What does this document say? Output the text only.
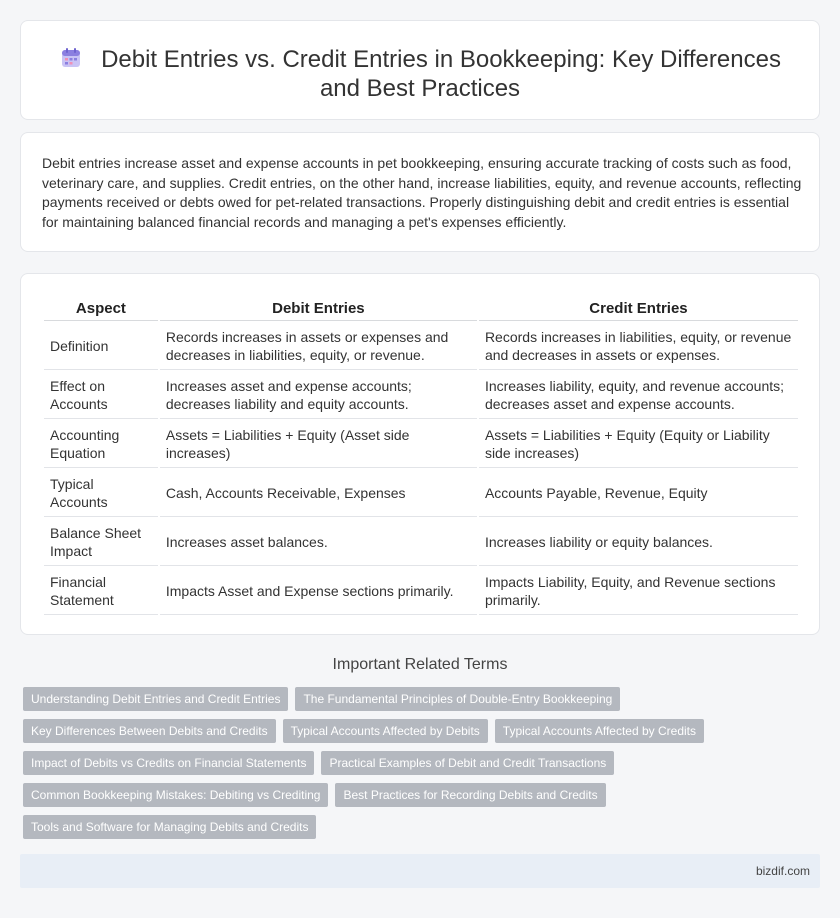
Debit Entries vs. Credit Entries in Bookkeeping: Key Differences and Best Practices

Debit entries increase asset and expense accounts in pet bookkeeping, ensuring accurate tracking of costs such as food, veterinary care, and supplies. Credit entries, on the other hand, increase liabilities, equity, and revenue accounts, reflecting payments received or debts owed for pet-related transactions. Properly distinguishing debit and credit entries is essential for maintaining balanced financial records and managing a pet's expenses efficiently.

Aspect	Debit Entries	Credit Entries
Definition	Records increases in assets or expenses and decreases in liabilities, equity, or revenue.	Records increases in liabilities, equity, or revenue and decreases in assets or expenses.
Effect on Accounts	Increases asset and expense accounts; decreases liability and equity accounts.	Increases liability, equity, and revenue accounts; decreases asset and expense accounts.
Accounting Equation	Assets = Liabilities + Equity (Asset side increases)	Assets = Liabilities + Equity (Equity or Liability side increases)
Typical Accounts	Cash, Accounts Receivable, Expenses	Accounts Payable, Revenue, Equity
Balance Sheet Impact	Increases asset balances.	Increases liability or equity balances.
Financial Statement	Impacts Asset and Expense sections primarily.	Impacts Liability, Equity, and Revenue sections primarily.
Important Related Terms
Understanding Debit Entries and Credit Entries	The Fundamental Principles of Double-Entry Bookkeeping
Key Differences Between Debits and Credits	Typical Accounts Affected by Debits	Typical Accounts Affected by Credits
Impact of Debits vs Credits on Financial Statements	Practical Examples of Debit and Credit Transactions
Common Bookkeeping Mistakes: Debiting vs Crediting	Best Practices for Recording Debits and Credits
Tools and Software for Managing Debits and Credits
bizdif.com
